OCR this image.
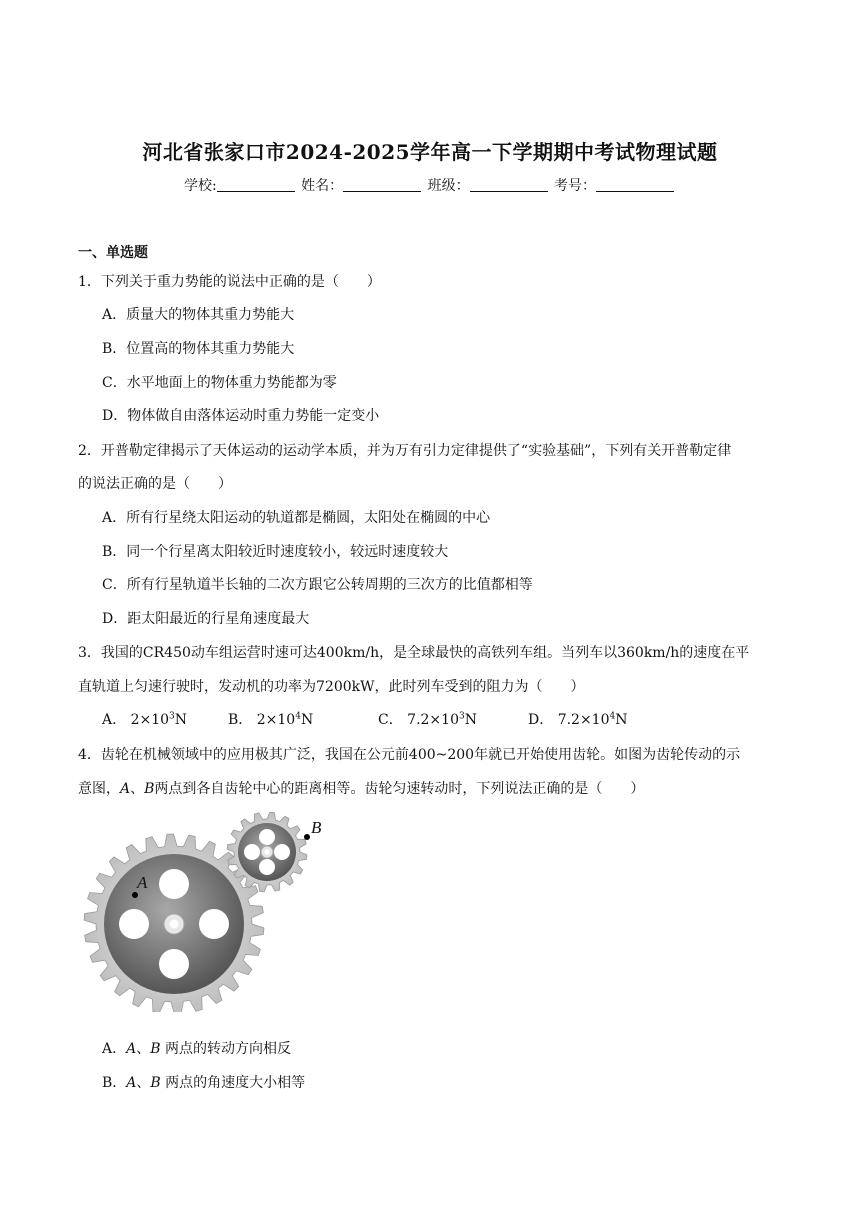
河北省张家口市2024-2025学年高一下学期期中考试物理试题
学校:	姓名：	班级：	考号：
一、单选题
1．下列关于重力势能的说法中正确的是（　　）
A．质量大的物体其重力势能大
B．位置高的物体其重力势能大
C．水平地面上的物体重力势能都为零
D．物体做自由落体运动时重力势能一定变小
2．开普勒定律揭示了天体运动的运动学本质，并为万有引力定律提供了“实验基础”，下列有关开普勒定律
的说法正确的是（　　）
A．所有行星绕太阳运动的轨道都是椭圆，太阳处在椭圆的中心
B．同一个行星离太阳较近时速度较小，较远时速度较大
C．所有行星轨道半长轴的二次方跟它公转周期的三次方的比值都相等
D．距太阳最近的行星角速度最大
3．我国的CR450动车组运营时速可达400km/h，是全球最快的高铁列车组。当列车以360km/h的速度在平
直轨道上匀速行驶时，发动机的功率为7200kW，此时列车受到的阻力为（　　）
A． $2\times 10^3N$	B． $2\times 10^4N$	C． $7.2\times 10^3N$	D． $7.2\times 10^4N$
4．齿轮在机械领域中的应用极其广泛，我国在公元前400~200年就已开始使用齿轮。如图为齿轮传动的示
意图，A、B两点到各自齿轮中心的距离相等。齿轮匀速转动时，下列说法正确的是（　　）
A
B
A．A、B 两点的转动方向相反
B．A、B 两点的角速度大小相等
